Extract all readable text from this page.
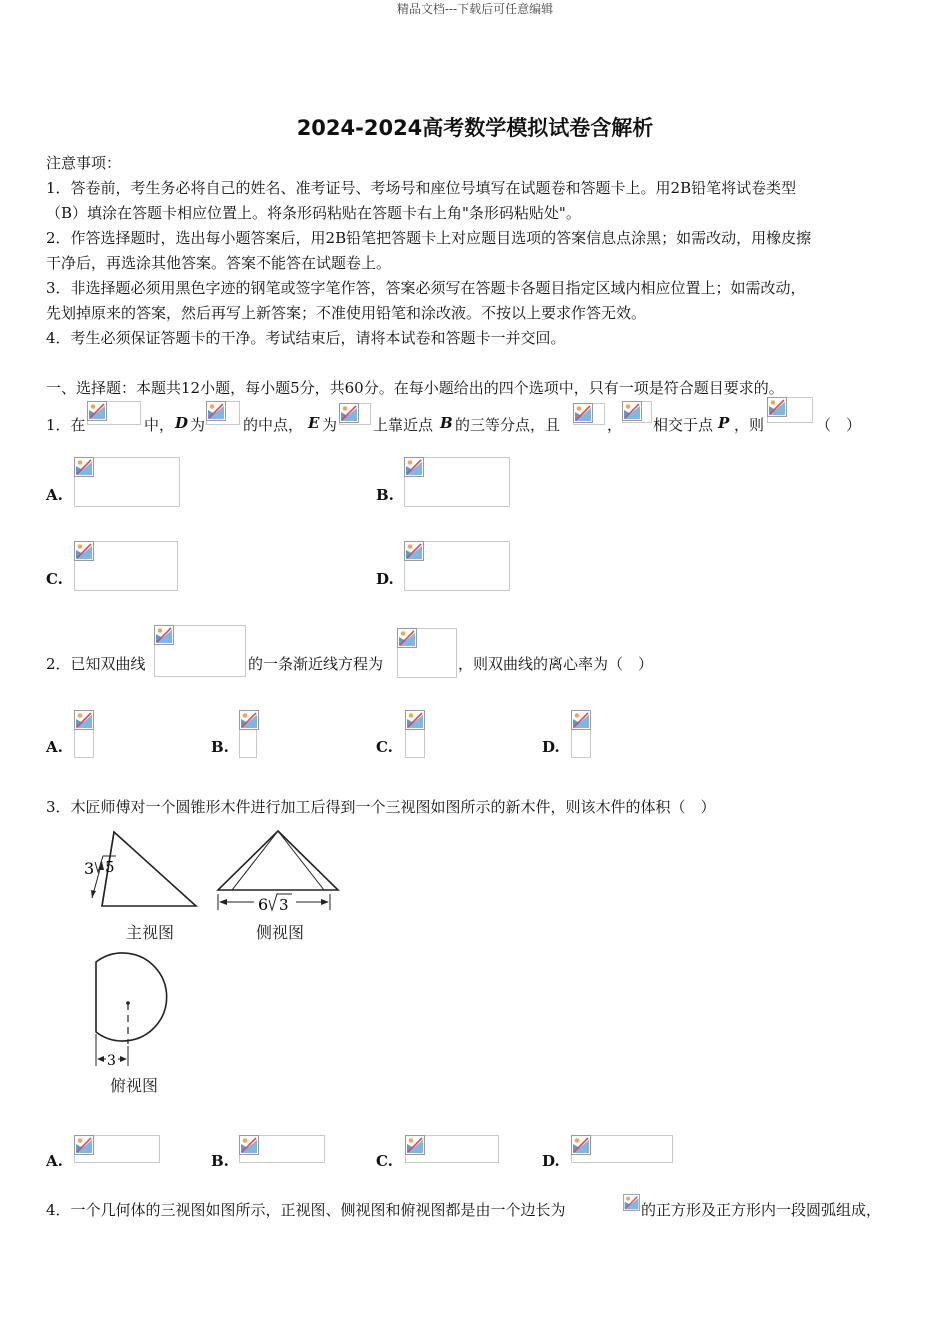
精品文档---下载后可任意编辑
2024-2024高考数学模拟试卷含解析
注意事项：
1．答卷前，考生务必将自己的姓名、准考证号、考场号和座位号填写在试题卷和答题卡上。用2B铅笔将试卷类型
（B）填涂在答题卡相应位置上。将条形码粘贴在答题卡右上角"条形码粘贴处"。
2．作答选择题时，选出每小题答案后，用2B铅笔把答题卡上对应题目选项的答案信息点涂黑；如需改动，用橡皮擦
干净后，再选涂其他答案。答案不能答在试题卷上。
3．非选择题必须用黑色字迹的钢笔或签字笔作答，答案必须写在答题卡各题目指定区域内相应位置上；如需改动，
先划掉原来的答案，然后再写上新答案；不准使用铅笔和涂改液。不按以上要求作答无效。
4．考生必须保证答题卡的干净。考试结束后，请将本试卷和答题卡一并交回。
一、选择题：本题共12小题，每小题5分，共60分。在每小题给出的四个选项中，只有一项是符合题目要求的。
1．在	中， D 为	的中点， E 为 上靠近点 B 的三等分点，且	， 相交于点 P ，则	（　）
A.	B.
C.	D.
2．已知双曲线	的一条渐近线方程为	，则双曲线的离心率为（　）
A.	B.	C.	D.
3．木匠师傅对一个圆锥形木件进行加工后得到一个三视图如图所示的新木件，则该木件的体积（　）
3 5
主视图
6 3
侧视图
3
俯视图
A.	B.	C.	D.
4．一个几何体的三视图如图所示，正视图、侧视图和俯视图都是由一个边长为	的正方形及正方形内一段圆弧组成，
